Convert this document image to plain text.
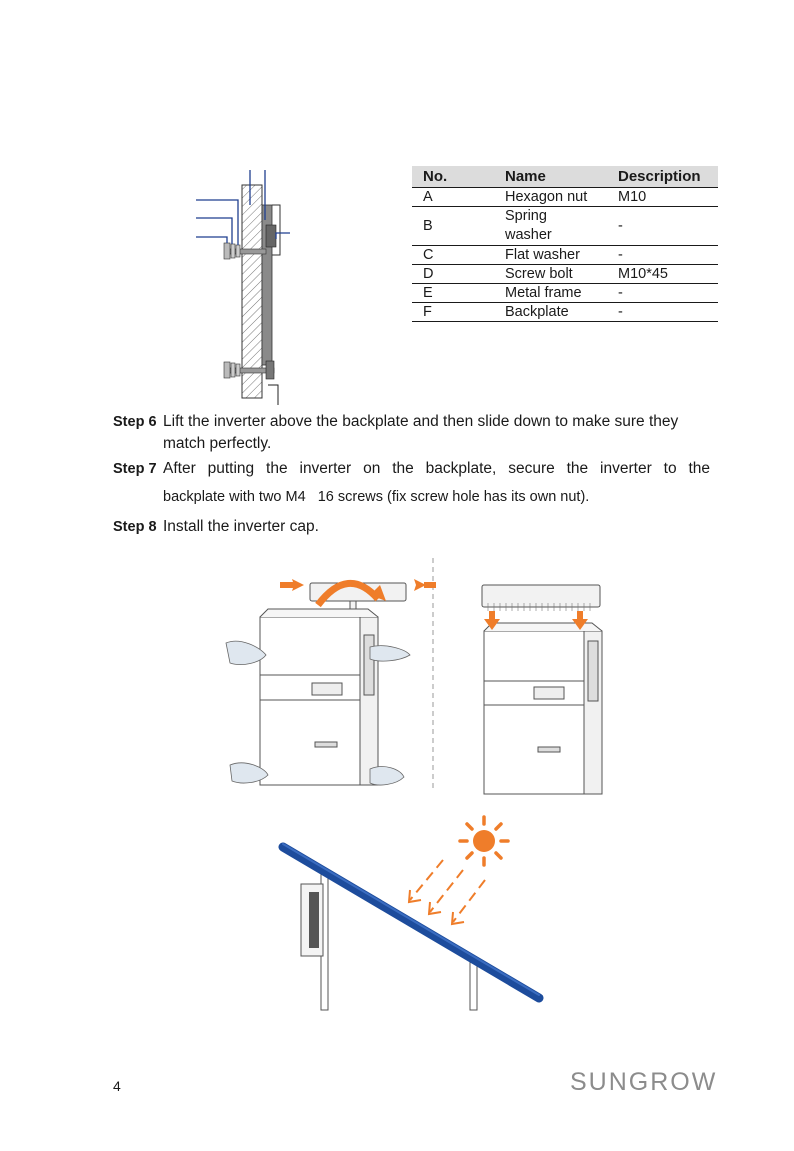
No.	Name	Description
A	Hexagon nut	M10
B	Spring washer	-
C	Flat washer	-
D	Screw bolt	M10*45
E	Metal frame	-
F	Backplate	-
Step 6 Lift the inverter above the backplate and then slide down to make sure they
match perfectly.
Step 7 After putting the inverter on the backplate, secure the inverter to the
backplate with two M4   16 screws (fix screw hole has its own nut).
Step 8 Install the inverter cap.
4	SUNGROW
